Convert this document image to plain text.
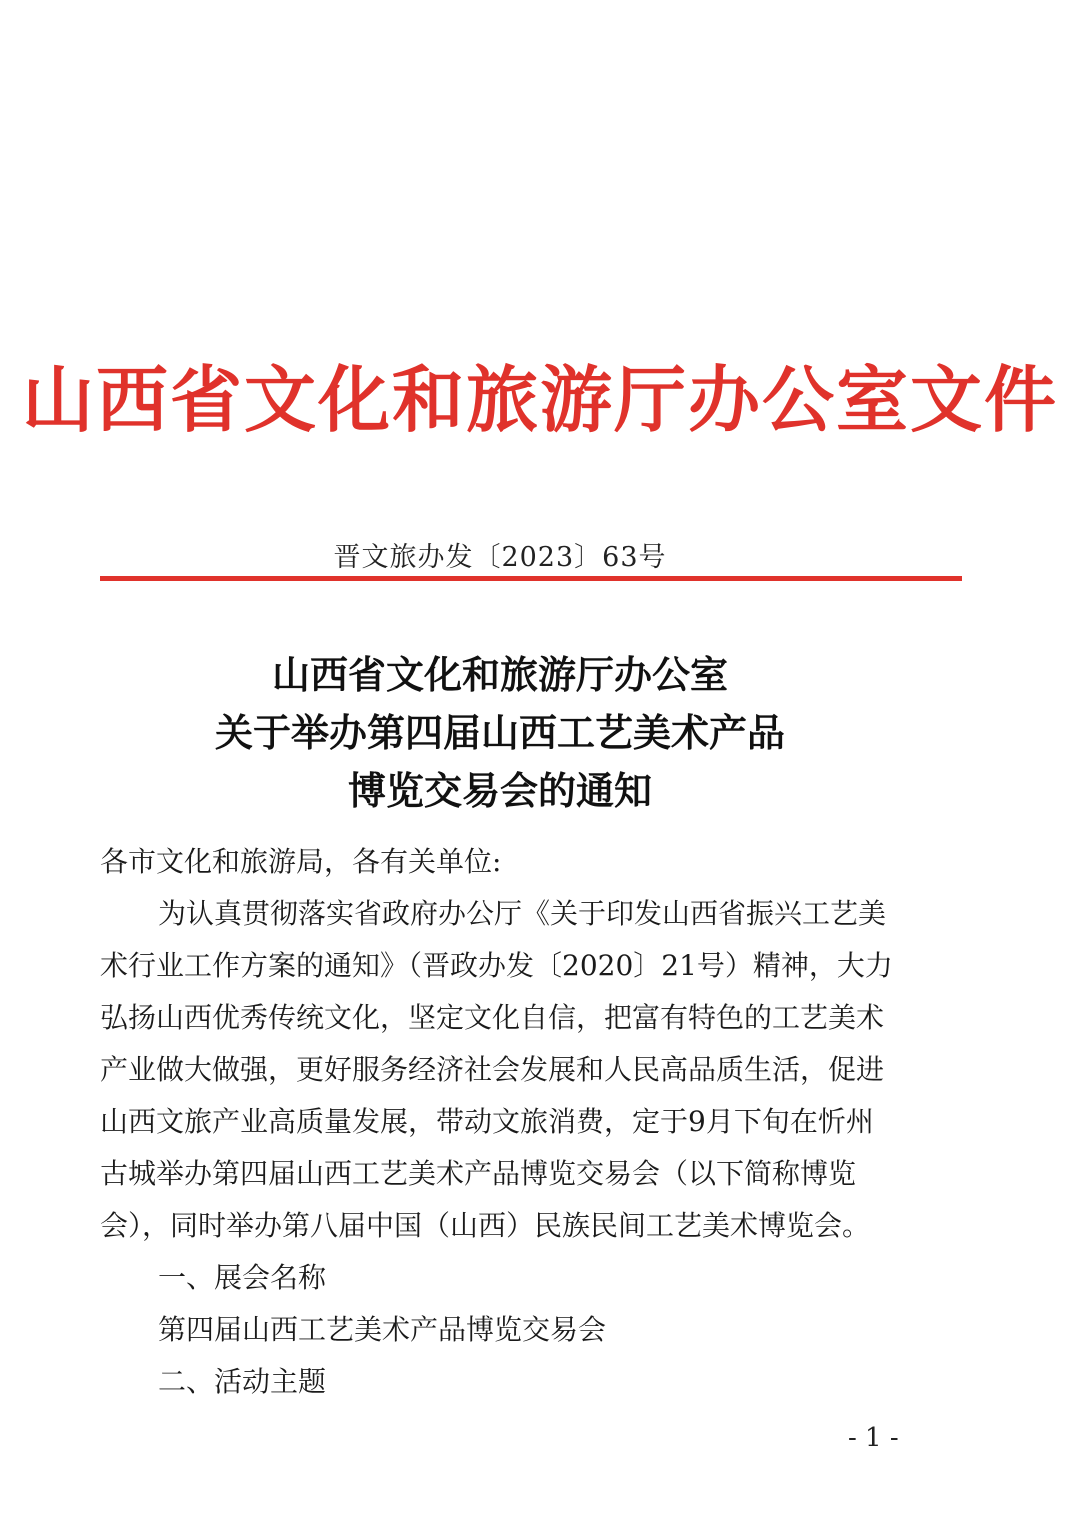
山西省文化和旅游厅办公室文件
晋文旅办发〔2023〕63号
山西省文化和旅游厅办公室
关于举办第四届山西工艺美术产品
博览交易会的通知

各市文化和旅游局，各有关单位:

为认真贯彻落实省政府办公厅《关于印发山西省振兴工艺美

术行业工作方案的通知》（晋政办发〔2020〕21号）精神，大力

弘扬山西优秀传统文化，坚定文化自信，把富有特色的工艺美术

产业做大做强，更好服务经济社会发展和人民高品质生活，促进

山西文旅产业高质量发展，带动文旅消费，定于9月下旬在忻州

古城举办第四届山西工艺美术产品博览交易会（以下简称博览

会），同时举办第八届中国（山西）民族民间工艺美术博览会。

一、展会名称

第四届山西工艺美术产品博览交易会

二、活动主题

- 1 -
